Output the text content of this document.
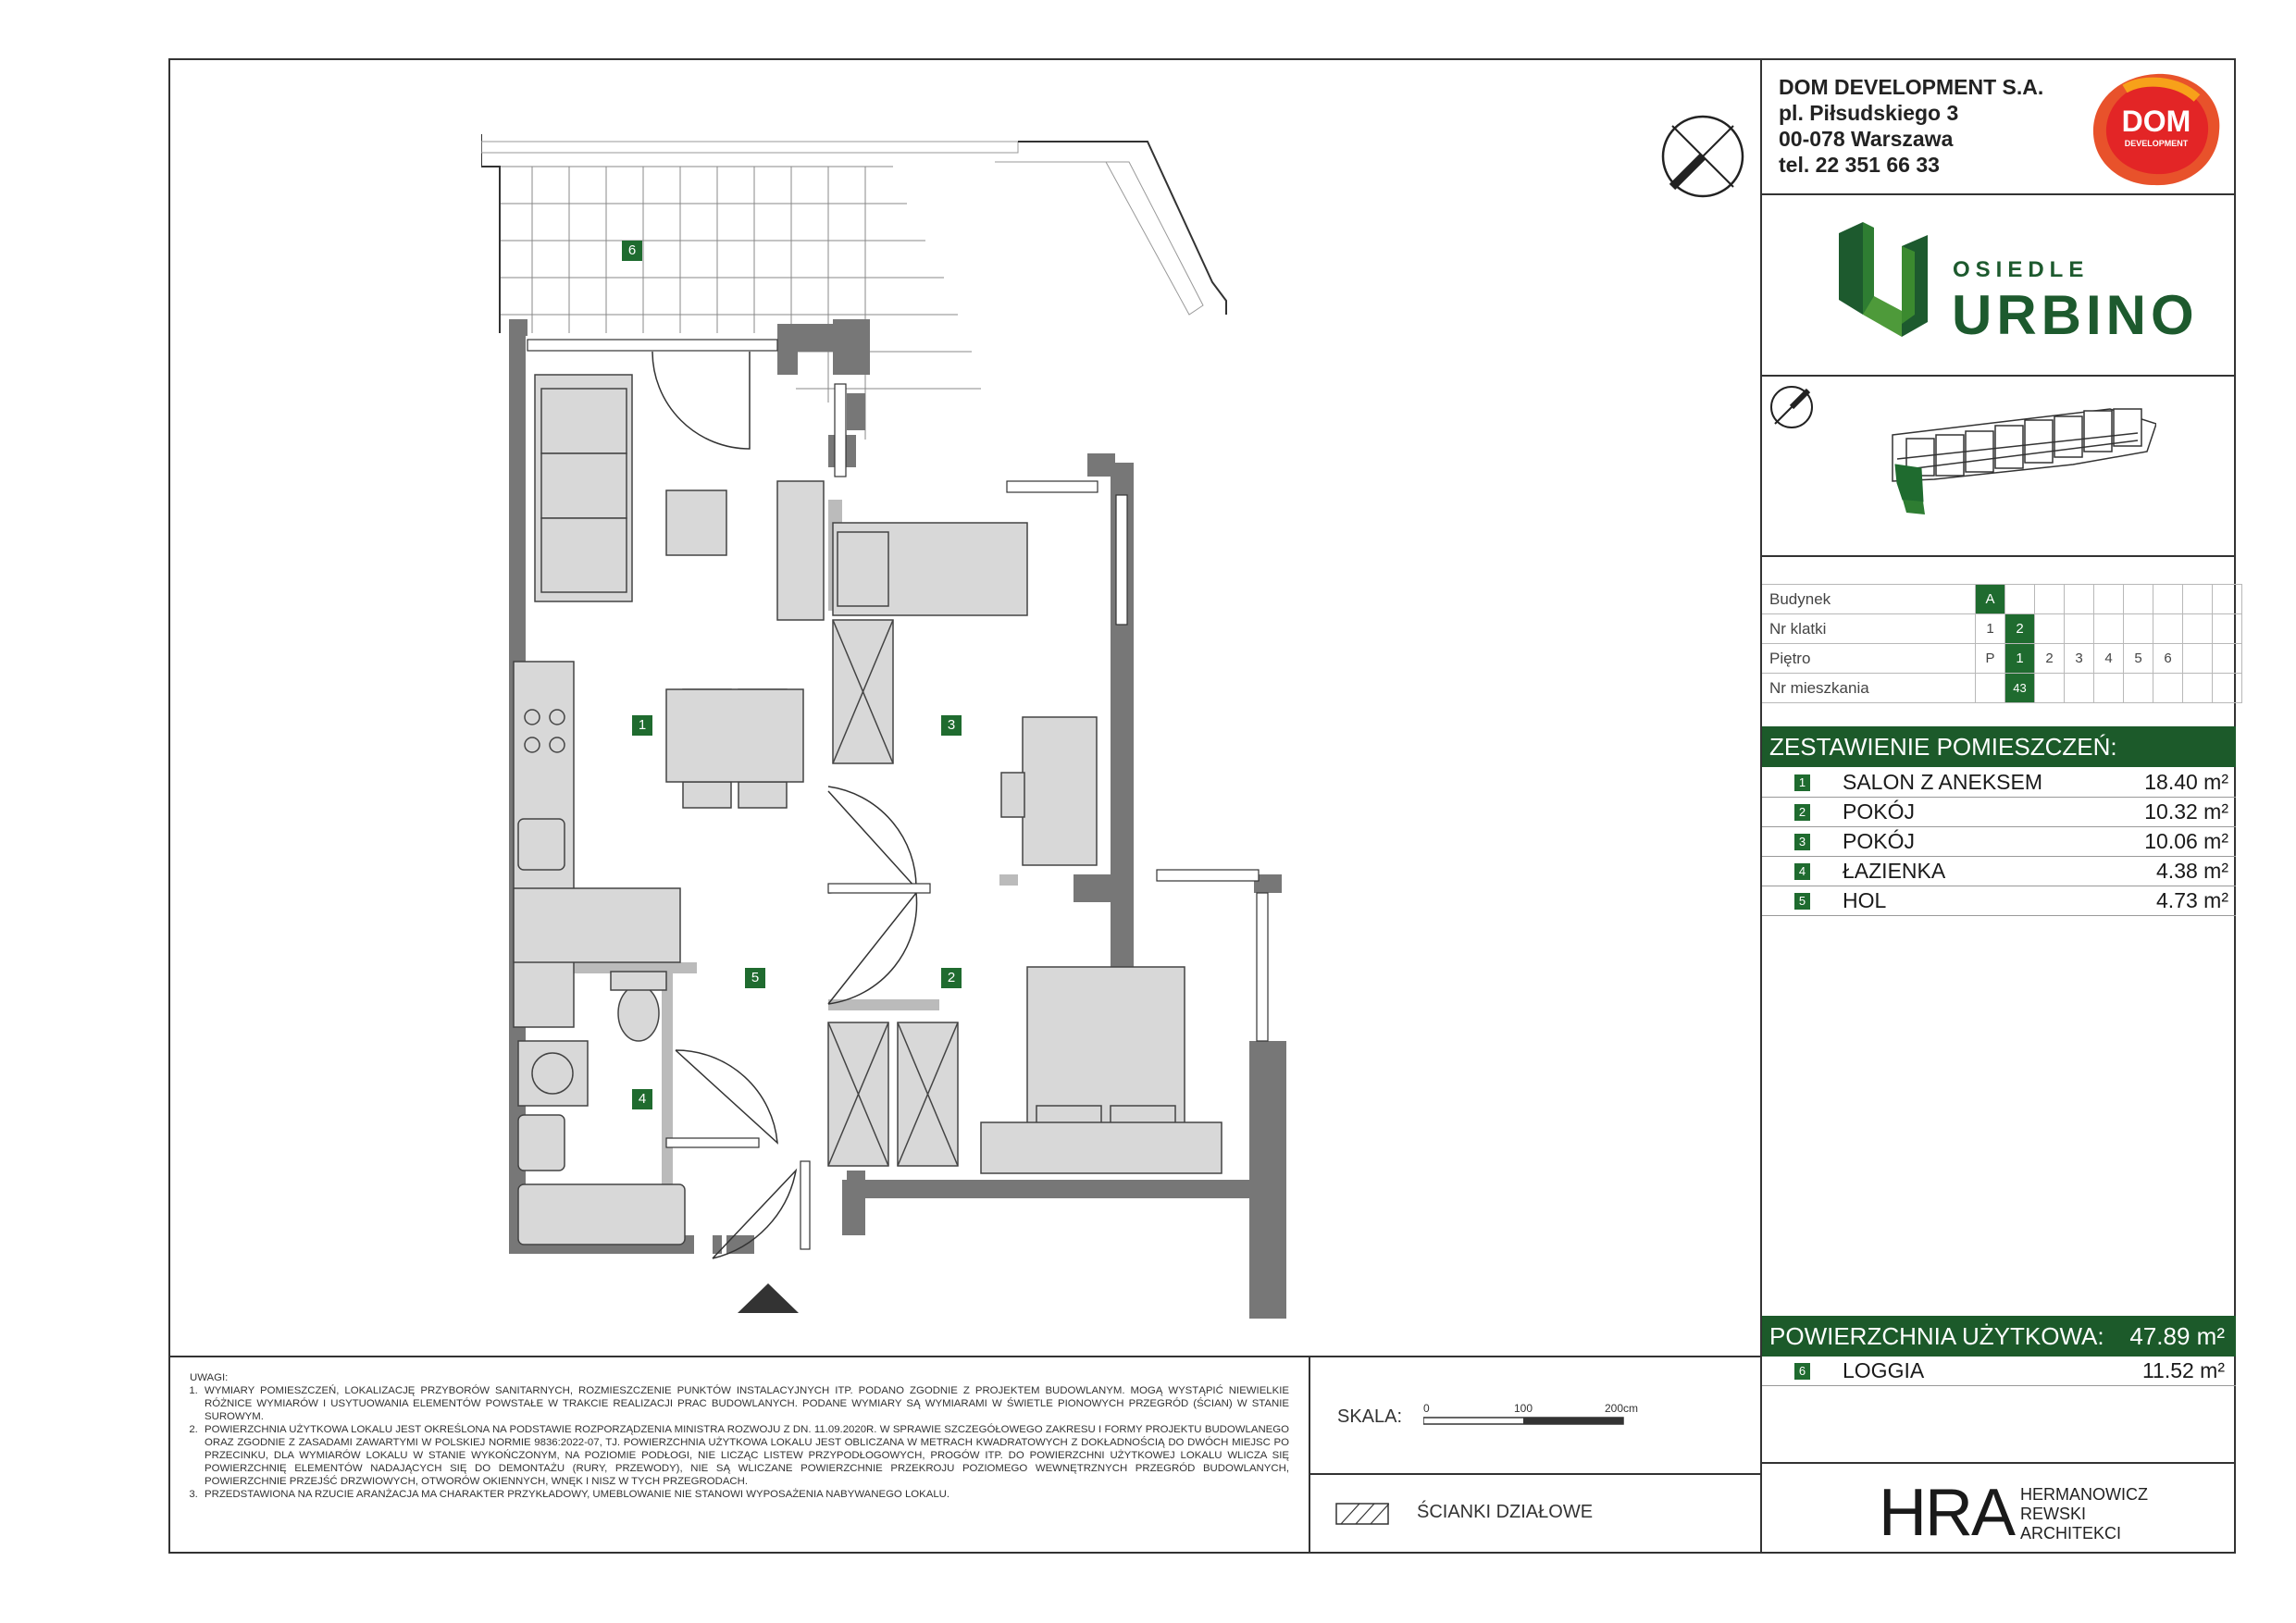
DOM DEVELOPMENT S.A.
pl. Piłsudskiego 3
00-078 Warszawa
tel. 22 351 66 33
DOM
DEVELOPMENT
OSIEDLE
URBINO
Budynek	A								
Nr klatki	1	2							
Piętro	P	1	2	3	4	5	6		
Nr mieszkania		43							
ZESTAWIENIE POMIESZCZEŃ:
1 SALON Z ANEKSEM	18.40 m²
2 POKÓJ	10.32 m²
3 POKÓJ	10.06 m²
4 ŁAZIENKA	4.38 m²
5 HOL	4.73 m²
POWIERZCHNIA UŻYTKOWA: 47.89 m²
6 LOGGIA	11.52 m²

UWAGI:

1. WYMIARY POMIESZCZEŃ, LOKALIZACJĘ PRZYBORÓW SANITARNYCH, ROZMIESZCZENIE PUNKTÓW INSTALACYJNYCH ITP. PODANO ZGODNIE Z PROJEKTEM BUDOWLANYM. MOGĄ WYSTĄPIĆ NIEWIELKIE RÓŻNICE WYMIARÓW I USYTUOWANIA ELEMENTÓW POWSTAŁE W TRAKCIE REALIZACJI PRAC BUDOWLANYCH. PODANE WYMIARY SĄ WYMIARAMI W ŚWIETLE PIONOWYCH PRZEGRÓD (ŚCIAN) W STANIE SUROWYM.
2. POWIERZCHNIA UŻYTKOWA LOKALU JEST OKREŚLONA NA PODSTAWIE ROZPORZĄDZENIA MINISTRA ROZWOJU Z DN. 11.09.2020R. W SPRAWIE SZCZEGÓŁOWEGO ZAKRESU I FORMY PROJEKTU BUDOWLANEGO ORAZ ZGODNIE Z ZASADAMI ZAWARTYMI W POLSKIEJ NORMIE 9836:2022-07, TJ. POWIERZCHNIA UŻYTKOWA LOKALU JEST OBLICZANA W METRACH KWADRATOWYCH Z DOKŁADNOŚCIĄ DO DWÓCH MIEJSC PO PRZECINKU, DLA WYMIARÓW LOKALU W STANIE WYKOŃCZONYM, NA POZIOMIE PODŁOGI, NIE LICZĄC LISTEW PRZYPODŁOGOWYCH, PROGÓW ITP. DO POWIERZCHNI UŻYTKOWEJ LOKALU WLICZA SIĘ POWIERZCHNIĘ ELEMENTÓW NADAJĄCYCH SIĘ DO DEMONTAŻU (RURY, PRZEWODY), NIE SĄ WLICZANE POWIERZCHNIE PRZEKROJU POZIOMEGO WEWNĘTRZNYCH PRZEGRÓD BUDOWLANYCH, POWIERZCHNIE PRZEJŚĆ DRZWIOWYCH, OTWORÓW OKIENNYCH, WNĘK I NISZ W TYCH PRZEGRODACH.
3. PRZEDSTAWIONA NA RZUCIE ARANŻACJA MA CHARAKTER PRZYKŁADOWY, UMEBLOWANIE NIE STANOWI WYPOSAŻENIA NABYWANEGO LOKALU.
SKALA: 0	100	200cm
ŚCIANKI DZIAŁOWE	HRA HERMANOWICZ
REWSKI
ARCHITEKCI
6
1	3
5	2
4
